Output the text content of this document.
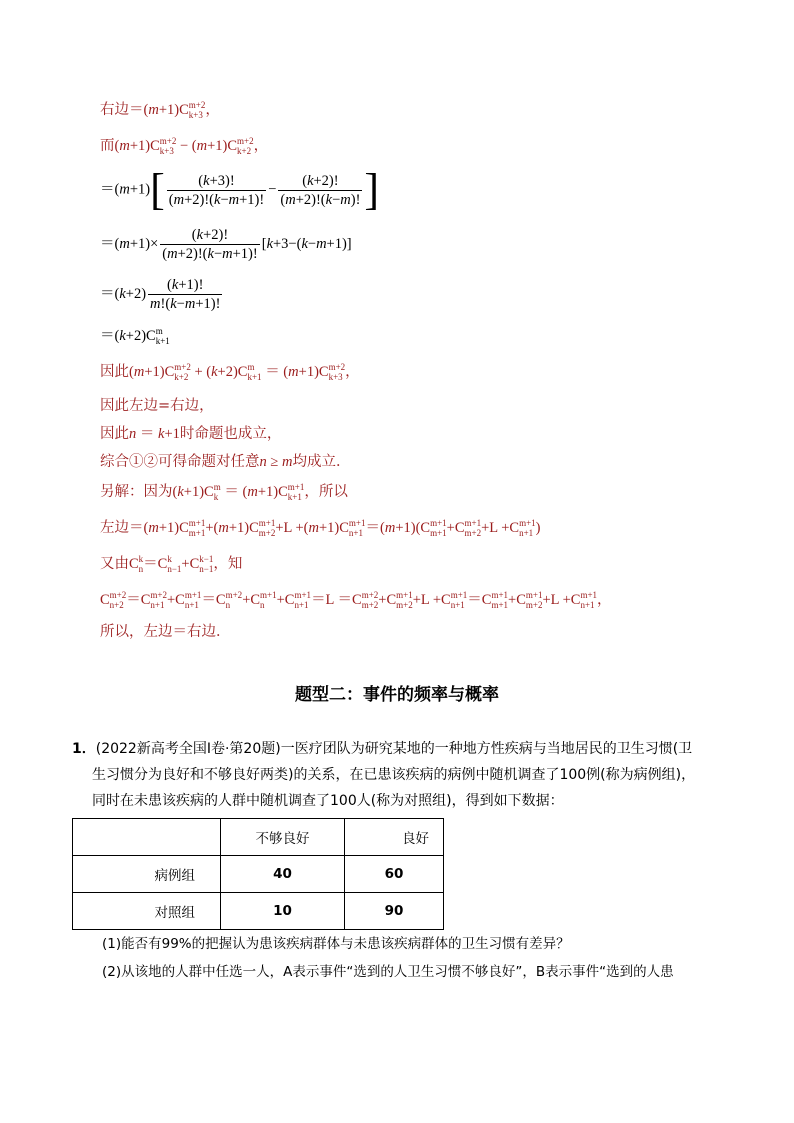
右边＝(m+1)C m+2
k+3 ，
而(m+1)C m+2
k+3 − (m+1)C m+2
k+2 ，
$=(m+1)[ \frac{(k+3)!}{(m+2)!(k-m+1)!} - \frac{(k+2)!}{(m+2)!(k-m)!}$ ]
$=(m+1)\times \frac{(k+2)!}{(m+2)!(k-m+1)!} [k+3-(k-m+1)]$
$=(k+2) \frac{(k+1)!}{m!(k-m+1)!}$
＝(k+2)C m
k+1
因此(m+1)C m+2
k+2 + (k+2)C m
k+1 ＝ (m+1)C m+2
k+3 ，
因此左边=右边，
因此n ＝ k+1时命题也成立，
综合①②可得命题对任意n ≥ m均成立．
另解：因为(k+1)C m
k ＝ (m+1)C m+1
k+1 ，所以
左边＝(m+1)C m+1
m+1 +(m+1)C m+1
m+2 +L +(m+1)C m+1
n+1 ＝(m+1)(C m+1
m+1 +C m+1
m+2 +L +C m+1
n+1 )
又由C k
n ＝C k
n−1 +C k−1
n−1 ，知
C m+2
n+2 ＝C m+2
n+1 +C m+1
n+1 ＝C m+2
n +C m+1
n +C m+1
n+1 ＝L ＝C m+2
m+2 +C m+1
m+2 +L +C m+1
n+1 ＝C m+1
m+1 +C m+1
m+2 +L +C m+1
n+1 ，
所以，左边＝右边．
题型二：事件的频率与概率
1．(2022新高考全国Ⅰ卷·第20题)一医疗团队为研究某地的一种地方性疾病与当地居民的卫生习惯(卫
生习惯分为良好和不够良好两类)的关系，在已患该疾病的病例中随机调查了100例(称为病例组)，
同时在未患该疾病的人群中随机调查了100人(称为对照组)，得到如下数据：
	不够良好	良好
病例组	40	60
对照组	10	90
(1)能否有99%的把握认为患该疾病群体与未患该疾病群体的卫生习惯有差异？
(2)从该地的人群中任选一人，A表示事件“选到的人卫生习惯不够良好”，B表示事件“选到的人患
